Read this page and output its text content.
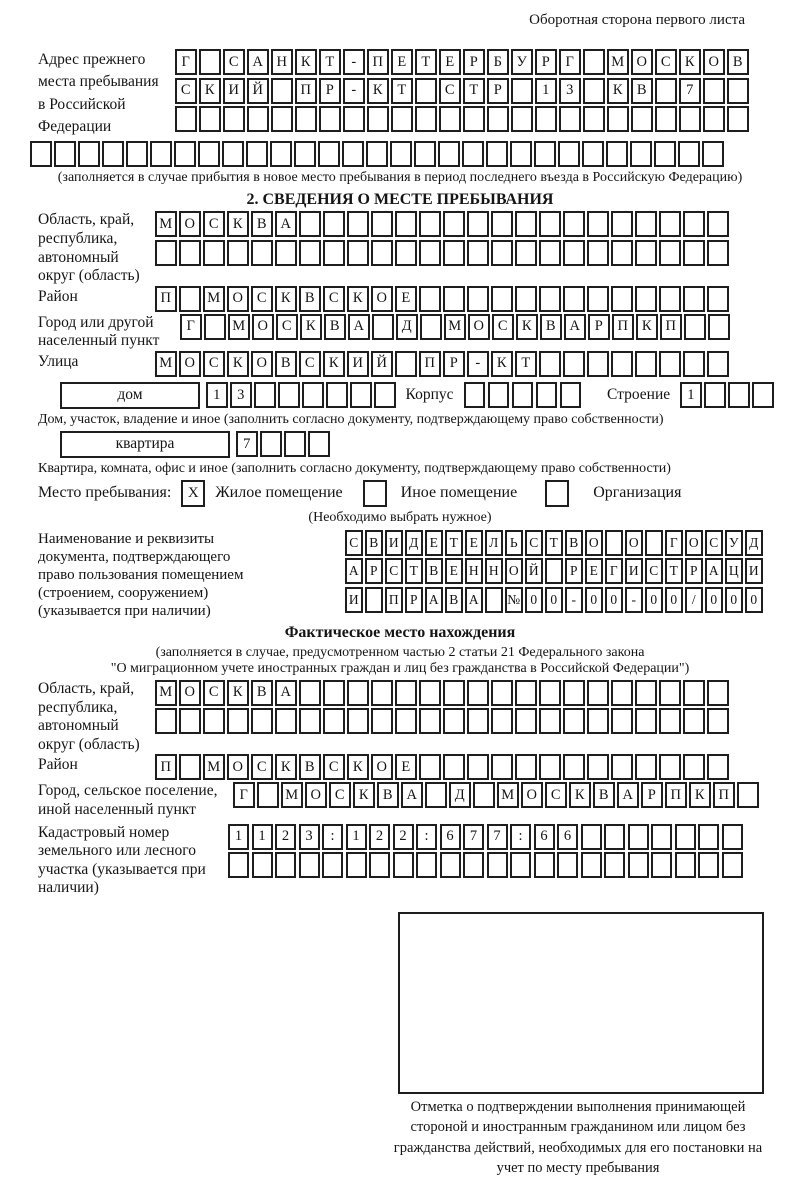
Оборотная сторона первого листа
Адрес прежнего места пребывания в Российской Федерации
Г	С А Н К	Т	-	П Е	Т	Е	Р	Б	У	Р	Г	М О С К О В
С К И Й	П	Р	-	К	Т	С	Т	Р	1	3	К В	7
(заполняется в случае прибытия в новое место пребывания в период последнего въезда в Российскую Федерацию)
2. СВЕДЕНИЯ О МЕСТЕ ПРЕБЫВАНИЯ
Область, край, республика, автономный округ (область)
М О С К В А
Район	П	М О С К В С К О Е
Город или другой населенный пункт
Г	М О С К В А	Д	М О С К В А	Р	П К П
Улица	М О С К О В С К И Й	П	Р	-	К	Т
дом	1	3	Корпус	Строение	1
Дом, участок, владение и иное (заполнить согласно документу, подтверждающему право собственности)
квартира	7
Квартира, комната, офис и иное (заполнить согласно документу, подтверждающему право собственности)
Место пребывания:	X	Жилое помещение	Иное помещение	Организация
(Необходимо выбрать нужное)
Наименование и реквизиты документа, подтверждающего право пользования помещением (строением, сооружением) (указывается при наличии)
С В И Д Е Т Е Л Ь С Т В О О	Г О С У Д
А Р С Т В Е Н Н О Й	Р Е Г И С Т Р А Ц И
И П Р А В А № 0 0	-	0 0	-	0 0	/	0 0 0
Фактическое место нахождения
(заполняется в случае, предусмотренном частью 2 статьи 21 Федерального закона
"О миграционном учете иностранных граждан и лиц без гражданства в Российской Федерации")
Область, край, республика, автономный округ (область)
М О С К В А
Район	П	М О С К В С К О Е
Город, сельское поселение, иной населенный пункт
Г	М О С К В А	Д	М О С К В А	Р	П К П
Кадастровый номер земельного или лесного участка (указывается при наличии)
1	1	2	3	:	1	2	2	:	6	7	7	:	6	6
Отметка о подтверждении выполнения принимающей стороной и иностранным гражданином или лицом без гражданства действий, необходимых для его постановки на учет по месту пребывания
